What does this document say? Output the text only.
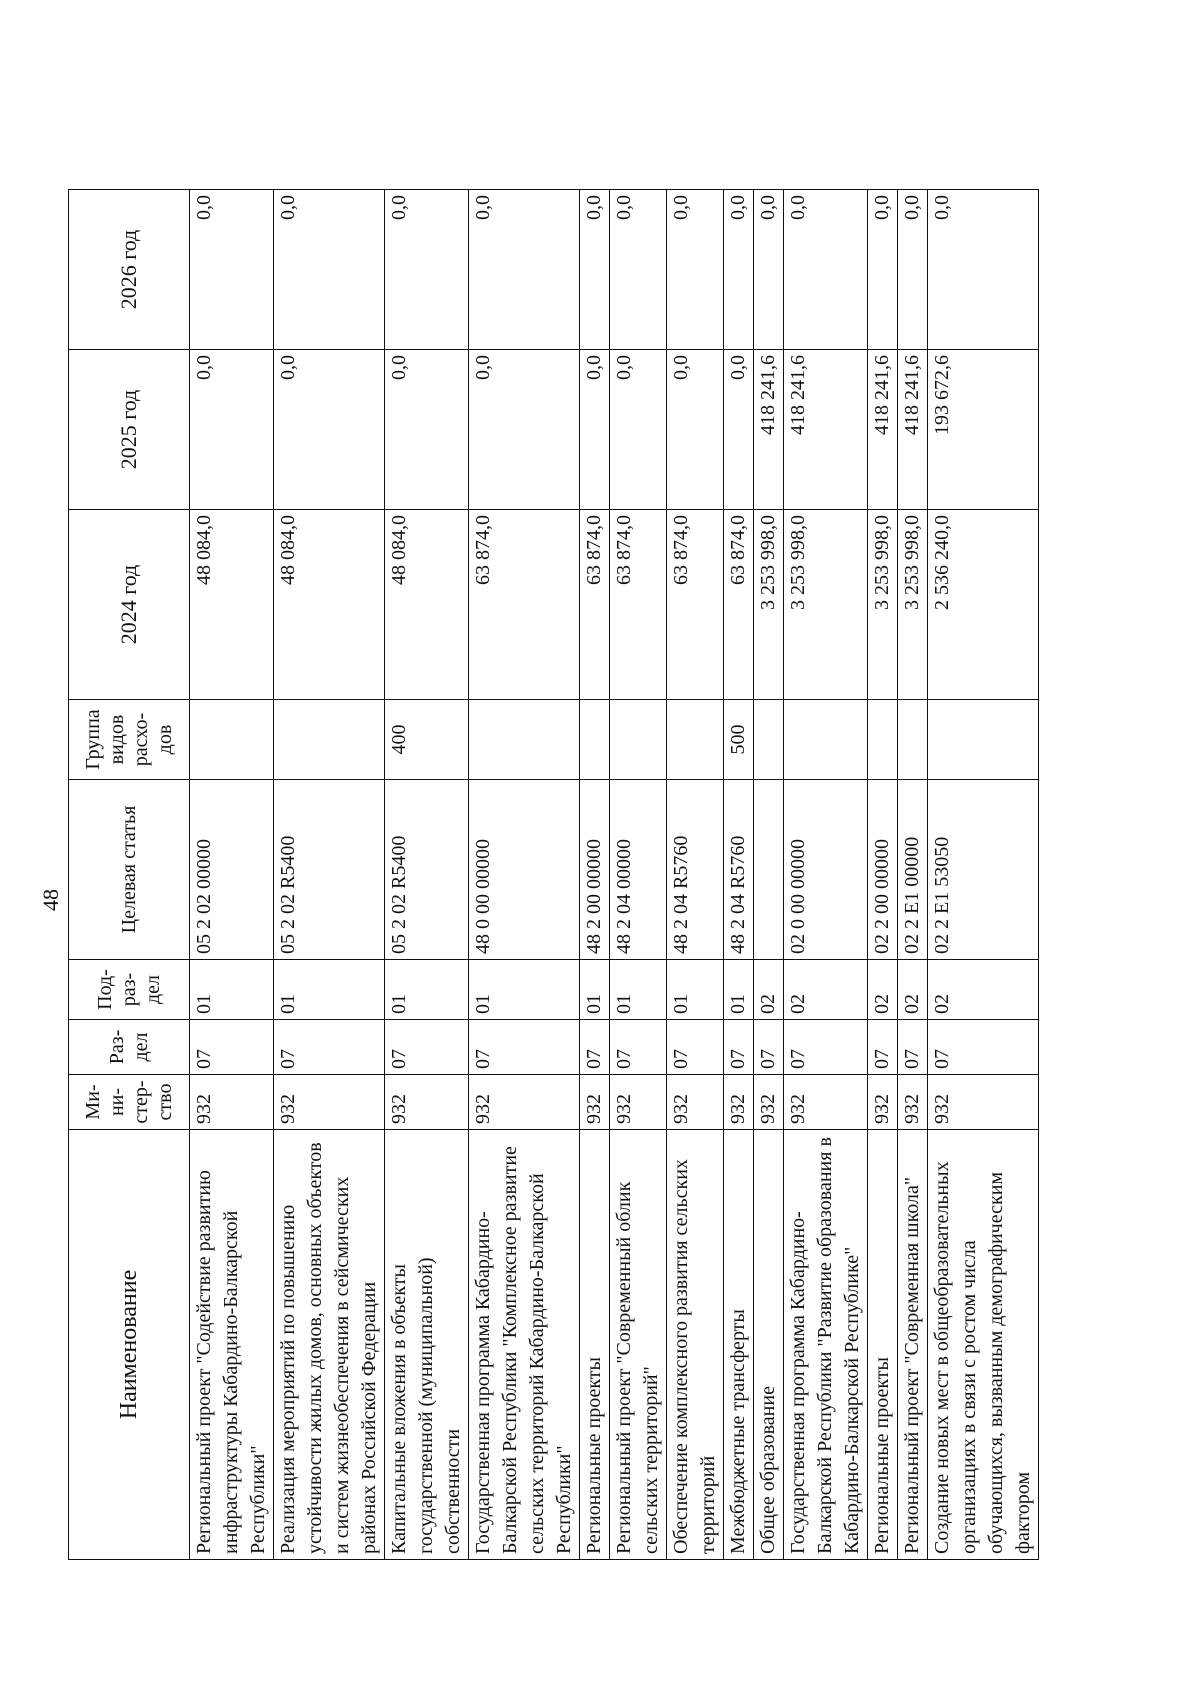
48
Наименование	Ми-ни-стер-ство	Раз-дел	Под-раз-дел	Целевая статья	Группа видов расхо-дов	2024 год	2025 год	2026 год
Региональный проект "Содействие развитию инфраструктуры Кабардино-Балкарской Республики"	932	07	01	05 2 02 00000		48 084,0	0,0	0,0
Реализация мероприятий по повышению устойчивости жилых домов, основных объектов и систем жизнеобеспечения в сейсмических районах Российской Федерации	932	07	01	05 2 02 R5400		48 084,0	0,0	0,0
Капитальные вложения в объекты государственной (муниципальной) собственности	932	07	01	05 2 02 R5400	400	48 084,0	0,0	0,0
Государственная программа Кабардино-Балкарской Республики "Комплексное развитие сельских территорий Кабардино-Балкарской Республики"	932	07	01	48 0 00 00000		63 874,0	0,0	0,0
Региональные проекты	932	07	01	48 2 00 00000		63 874,0	0,0	0,0
Региональный проект "Современный облик сельских территорий"	932	07	01	48 2 04 00000		63 874,0	0,0	0,0
Обеспечение комплексного развития сельских территорий	932	07	01	48 2 04 R5760		63 874,0	0,0	0,0
Межбюджетные трансферты	932	07	01	48 2 04 R5760	500	63 874,0	0,0	0,0
Общее образование	932	07	02			3 253 998,0	418 241,6	0,0
Государственная программа Кабардино-Балкарской Республики "Развитие образования в Кабардино-Балкарской Республике"	932	07	02	02 0 00 00000		3 253 998,0	418 241,6	0,0
Региональные проекты	932	07	02	02 2 00 00000		3 253 998,0	418 241,6	0,0
Региональный проект "Современная школа"	932	07	02	02 2 E1 00000		3 253 998,0	418 241,6	0,0
Создание новых мест в общеобразовательных организациях в связи с ростом числа обучающихся, вызванным демографическим фактором	932	07	02	02 2 E1 53050		2 536 240,0	193 672,6	0,0
